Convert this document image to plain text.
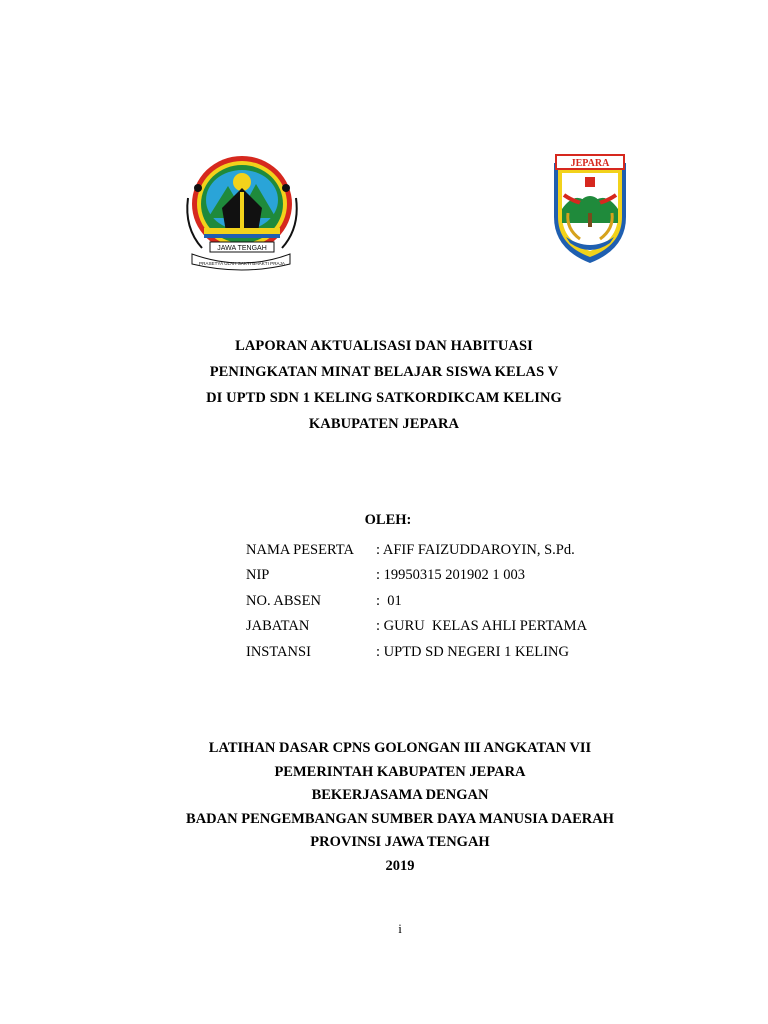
JAWA TENGAH
PRASETYA ULAH SAKTI BHAKTI PRAJA
JEPARA
LAPORAN AKTUALISASI DAN HABITUASI
PENINGKATAN MINAT BELAJAR SISWA KELAS V
DI UPTD SDN 1 KELING SATKORDIKCAM KELING
KABUPATEN JEPARA
OLEH:
NAMA PESERTA : AFIF FAIZUDDAROYIN, S.Pd.
NIP	: 19950315 201902 1 003
NO. ABSEN	:  01
JABATAN	: GURU  KELAS AHLI PERTAMA
INSTANSI	: UPTD SD NEGERI 1 KELING
LATIHAN DASAR CPNS GOLONGAN III ANGKATAN VII
PEMERINTAH KABUPATEN JEPARA
BEKERJASAMA DENGAN
BADAN PENGEMBANGAN SUMBER DAYA MANUSIA DAERAH
PROVINSI JAWA TENGAH
2019
i
